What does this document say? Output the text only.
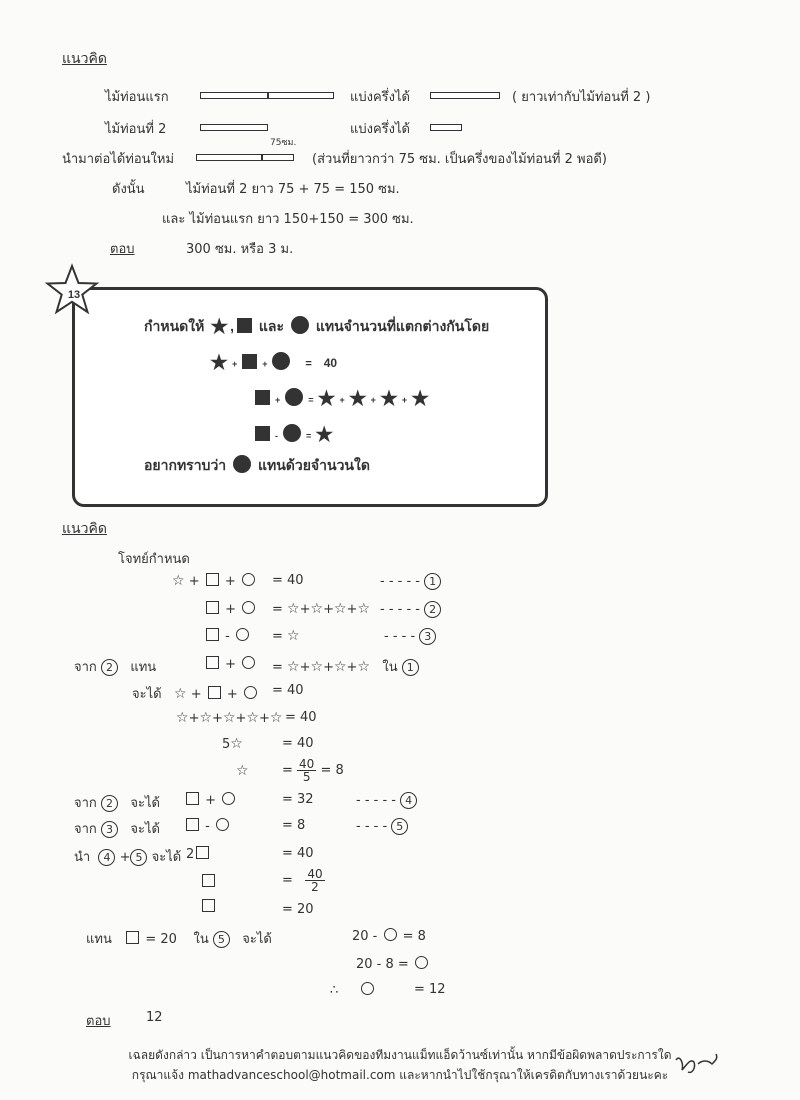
แนวคิด
ไม้ท่อนแรก	แบ่งครึ่งได้	( ยาวเท่ากับไม้ท่อนที่ 2 )
ไม้ท่อนที่ 2	แบ่งครึ่งได้
นำมาต่อได้ท่อนใหม่
75ซม.
(ส่วนที่ยาวกว่า 75 ซม. เป็นครึ่งของไม้ท่อนที่ 2 พอดี)
ดังนั้น	ไม้ท่อนที่ 2 ยาว 75 + 75 = 150 ซม.
และ ไม้ท่อนแรก ยาว 150+150 = 300 ซม.
ตอบ	300 ซม. หรือ 3 ม.
13
กำหนดให้ ★ , และ แทนจำนวนที่แตกต่างกันโดย
★ +	+	= 40
+	= ★ + ★ + ★ + ★
-	= ★
อยากทราบว่า แทนด้วยจำนวนใด
แนวคิด
โจทย์กำหนด
☆ +  +	= 40	- - - - - 1
+	= ☆+☆+☆+☆ - - - - - 2
-	= ☆	- - - - 3
จาก 2 แทน	+	= ☆+☆+☆+☆ ใน 1
จะได้ ☆ +  +	= 40
☆+☆+☆+☆+☆ = 40
5☆	= 40
☆	= $\frac{40}{5} = 8$
จาก 2 จะได้	+	= 32	- - - - - 4
จาก 3 จะได้	-	= 8	- - - - 5
นำ 4 + 5 จะได้ 2	= 40
= $\frac{40}{2}$
= 20
แทน	= 20 ใน 5 จะได้	20 - = 8
20 - 8 =
∴	= 12
ตอบ	12
เฉลยดังกล่าว เป็นการหาคำตอบตามแนวคิดของทีมงานแม็ทแอ็ดว้านซ์เท่านั้น หากมีข้อผิดพลาดประการใด
กรุณาแจ้ง mathadvanceschool@hotmail.com และหากนำไปใช้กรุณาให้เครดิตกับทางเราด้วยนะคะ
